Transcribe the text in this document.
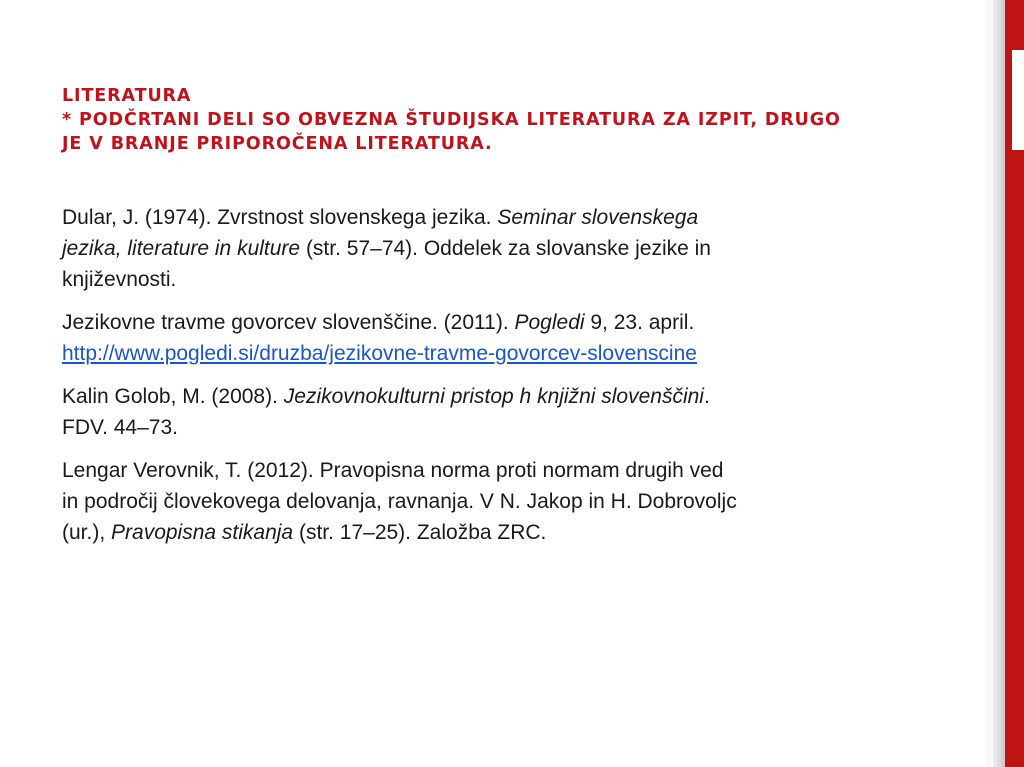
LITERATURA
* PODČRTANI DELI SO OBVEZNA ŠTUDIJSKA LITERATURA ZA IZPIT, DRUGO
JE V BRANJE PRIPOROČENA LITERATURA.

Dular, J. (1974). Zvrstnost slovenskega jezika. Seminar slovenskega
jezika, literature in kulture (str. 57–74). Oddelek za slovanske jezike in
književnosti.

Jezikovne travme govorcev slovenščine. (2011). Pogledi 9, 23. april.
http://www.pogledi.si/druzba/jezikovne-travme-govorcev-slovenscine

Kalin Golob, M. (2008). Jezikovnokulturni pristop h knjižni slovenščini.
FDV. 44–73.

Lengar Verovnik, T. (2012). Pravopisna norma proti normam drugih ved
in področij človekovega delovanja, ravnanja. V N. Jakop in H. Dobrovoljc
(ur.), Pravopisna stikanja (str. 17–25). Založba ZRC.
